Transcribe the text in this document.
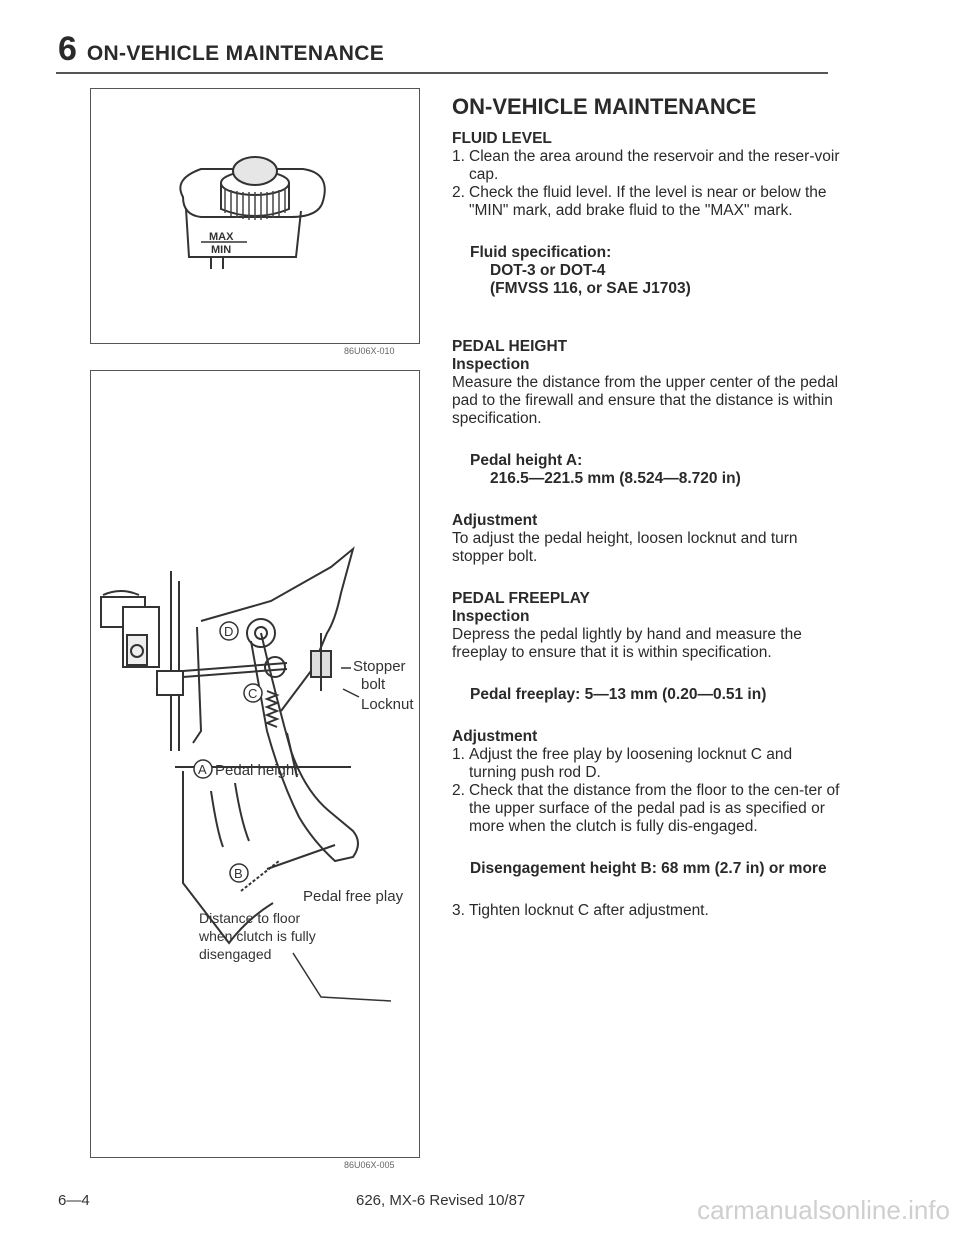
6 ON-VEHICLE MAINTENANCE
MAX
MIN
86U06X-010
D
C
A
B
Stopper
bolt
Locknut
Pedal height
Pedal free play
Distance to floor
when clutch is fully
disengaged
86U06X-005
ON-VEHICLE MAINTENANCE
FLUID LEVEL
1. Clean the area around the reservoir and the reser-voir cap.
2. Check the fluid level. If the level is near or below the "MIN" mark, add brake fluid to the "MAX" mark.
Fluid specification:
DOT-3 or DOT-4
(FMVSS 116, or SAE J1703)
PEDAL HEIGHT
Inspection

Measure the distance from the upper center of the pedal pad to the firewall and ensure that the distance is within specification.

Pedal height A:
216.5—221.5 mm (8.524—8.720 in)
Adjustment

To adjust the pedal height, loosen locknut and turn stopper bolt.

PEDAL FREEPLAY
Inspection

Depress the pedal lightly by hand and measure the freeplay to ensure that it is within specification.

Pedal freeplay: 5—13 mm (0.20—0.51 in)
Adjustment
1. Adjust the free play by loosening locknut C and turning push rod D.
2. Check that the distance from the floor to the cen-ter of the upper surface of the pedal pad is as specified or more when the clutch is fully dis-engaged.
Disengagement height B: 68 mm (2.7 in) or more
3. Tighten locknut C after adjustment.
6—4	626, MX-6 Revised 10/87	carmanualsonline.info
